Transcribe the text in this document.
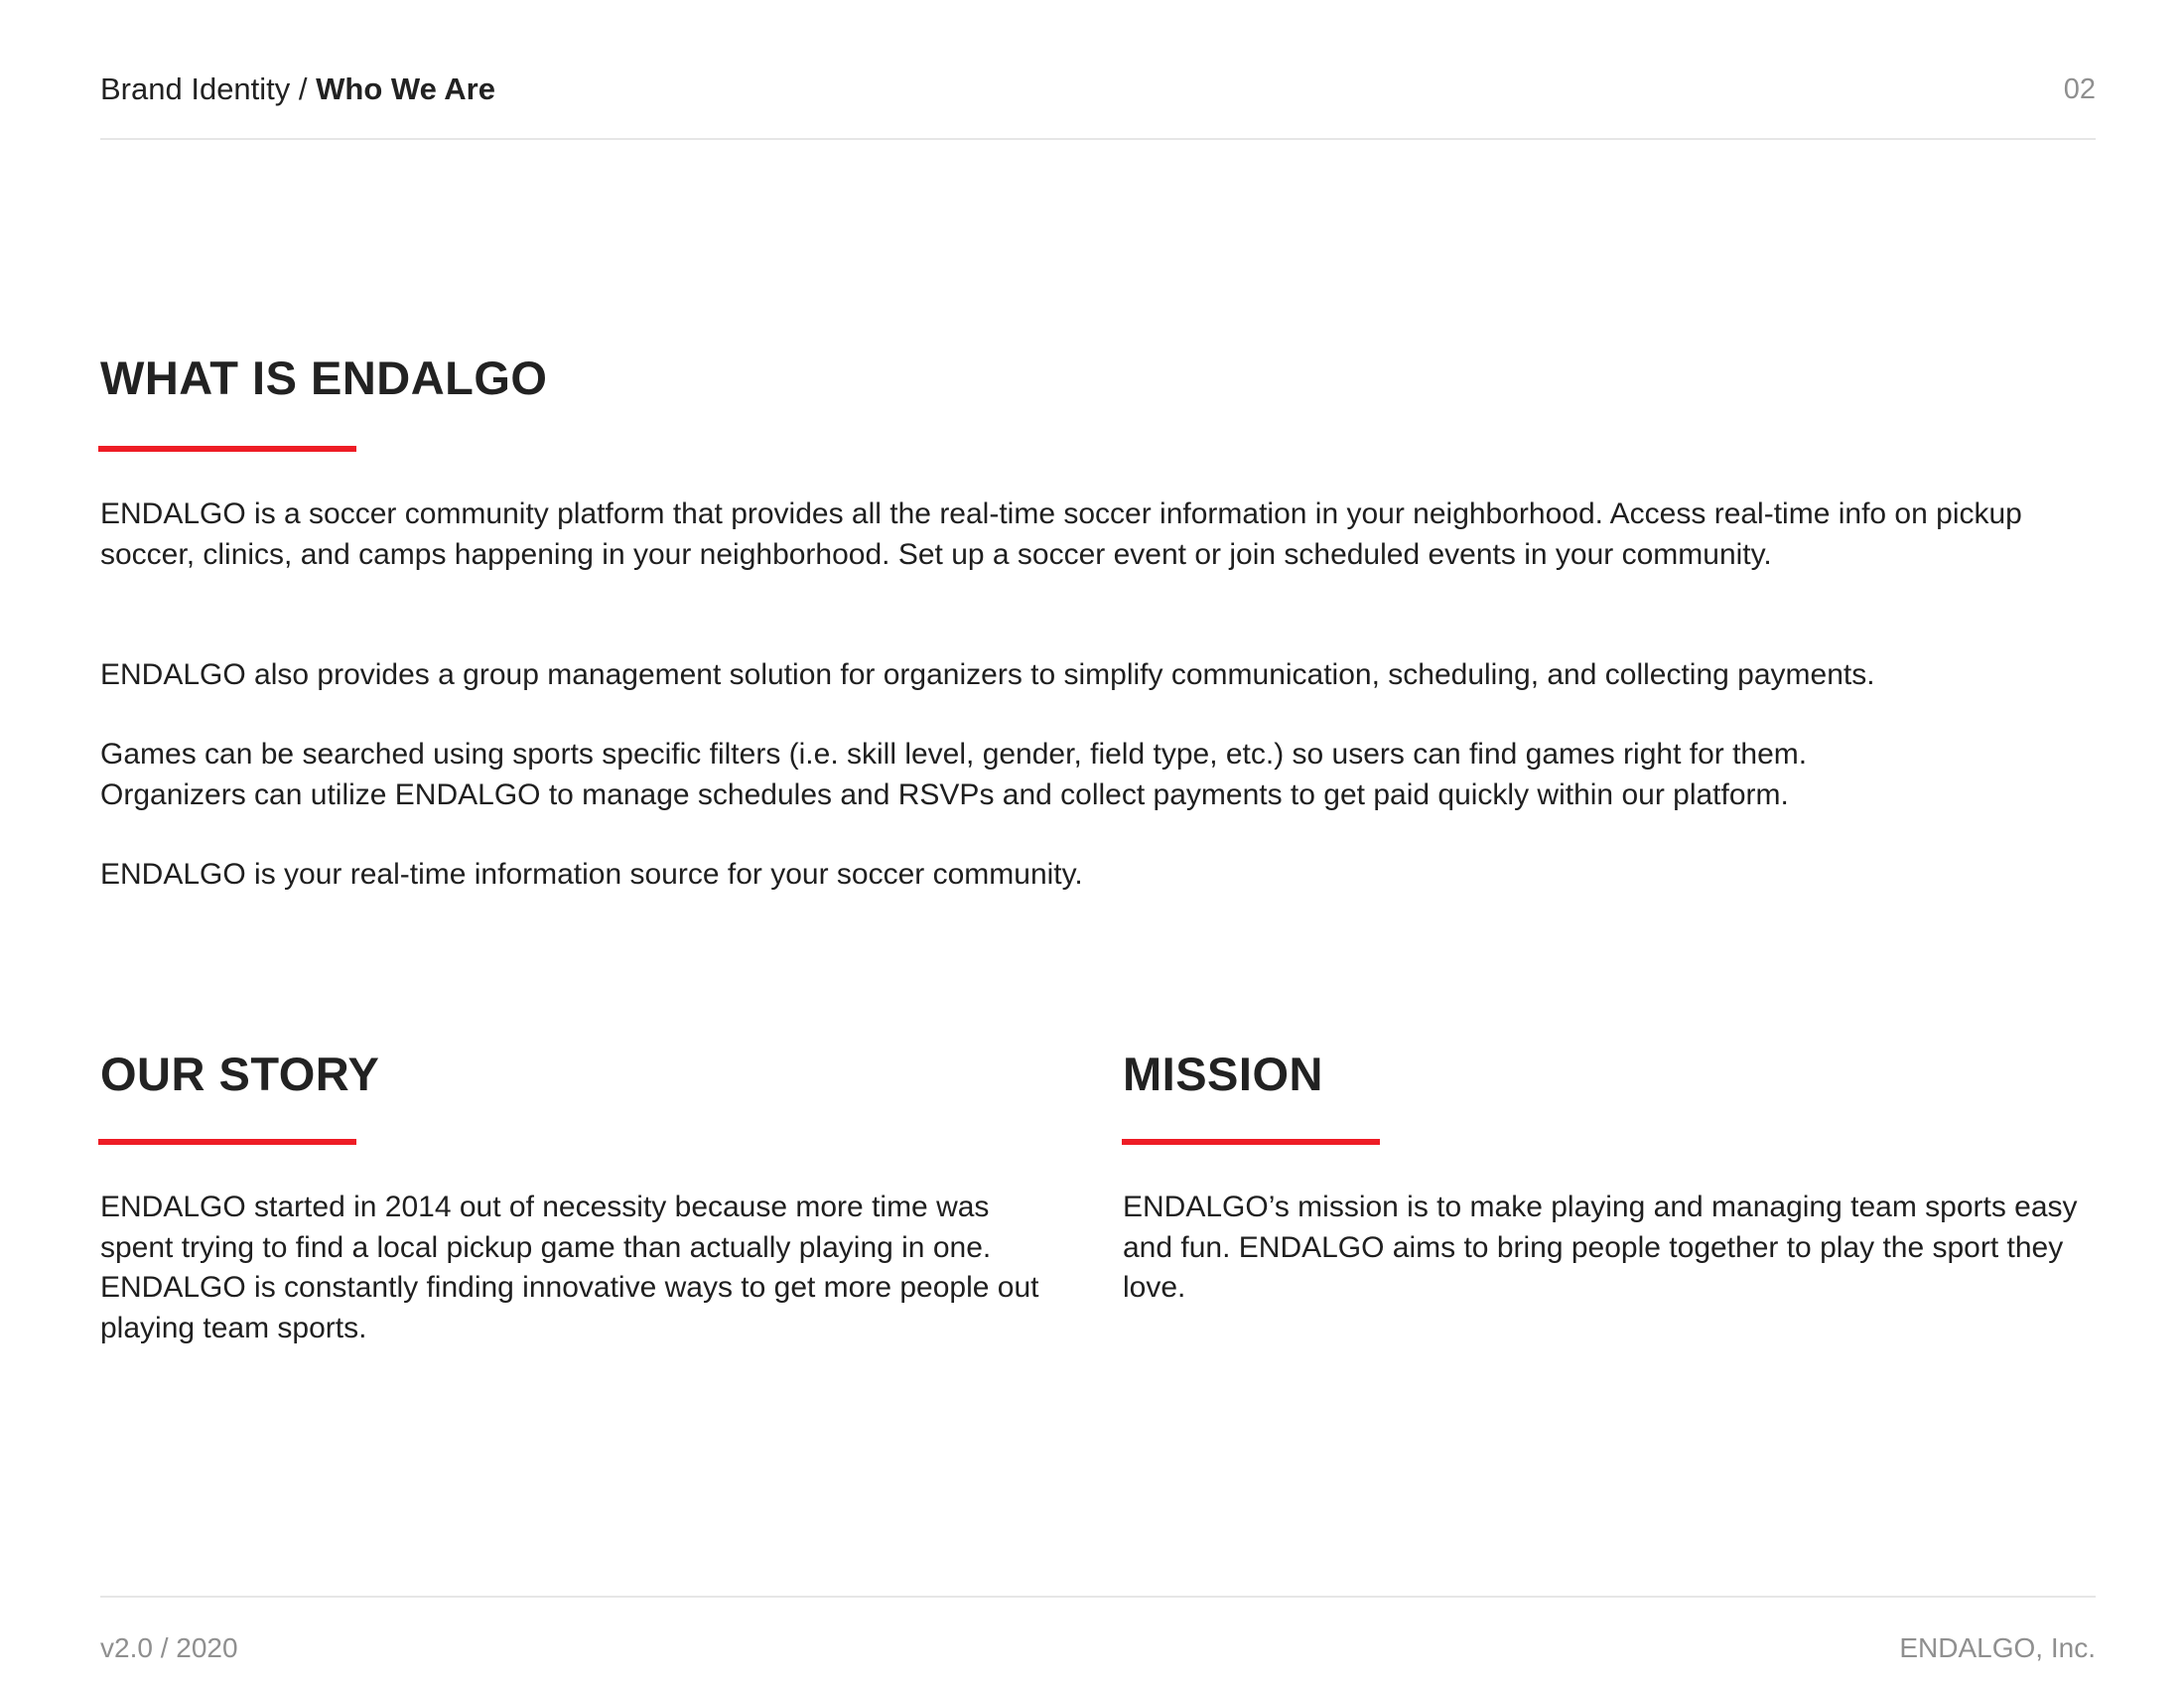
Brand Identity / Who We Are	02
WHAT IS ENDALGO

ENDALGO is a soccer community platform that provides all the real-time soccer information in your neighborhood. Access real-time info on pickup soccer, clinics, and camps happening in your neighborhood. Set up a soccer event or join scheduled events in your community.

ENDALGO also provides a group management solution for organizers to simplify communication, scheduling, and collecting payments.

Games can be searched using sports specific filters (i.e. skill level, gender, field type, etc.) so users can find games right for them. Organizers can utilize ENDALGO to manage schedules and RSVPs and collect payments to get paid quickly within our platform.

ENDALGO is your real-time information source for your soccer community.

OUR STORY

ENDALGO started in 2014 out of necessity because more time was spent trying to find a local pickup game than actually playing in one. ENDALGO is constantly finding innovative ways to get more people out playing team sports.

MISSION

ENDALGO’s mission is to make playing and managing team sports easy and fun. ENDALGO aims to bring people together to play the sport they love.

v2.0 / 2020	ENDALGO, Inc.
